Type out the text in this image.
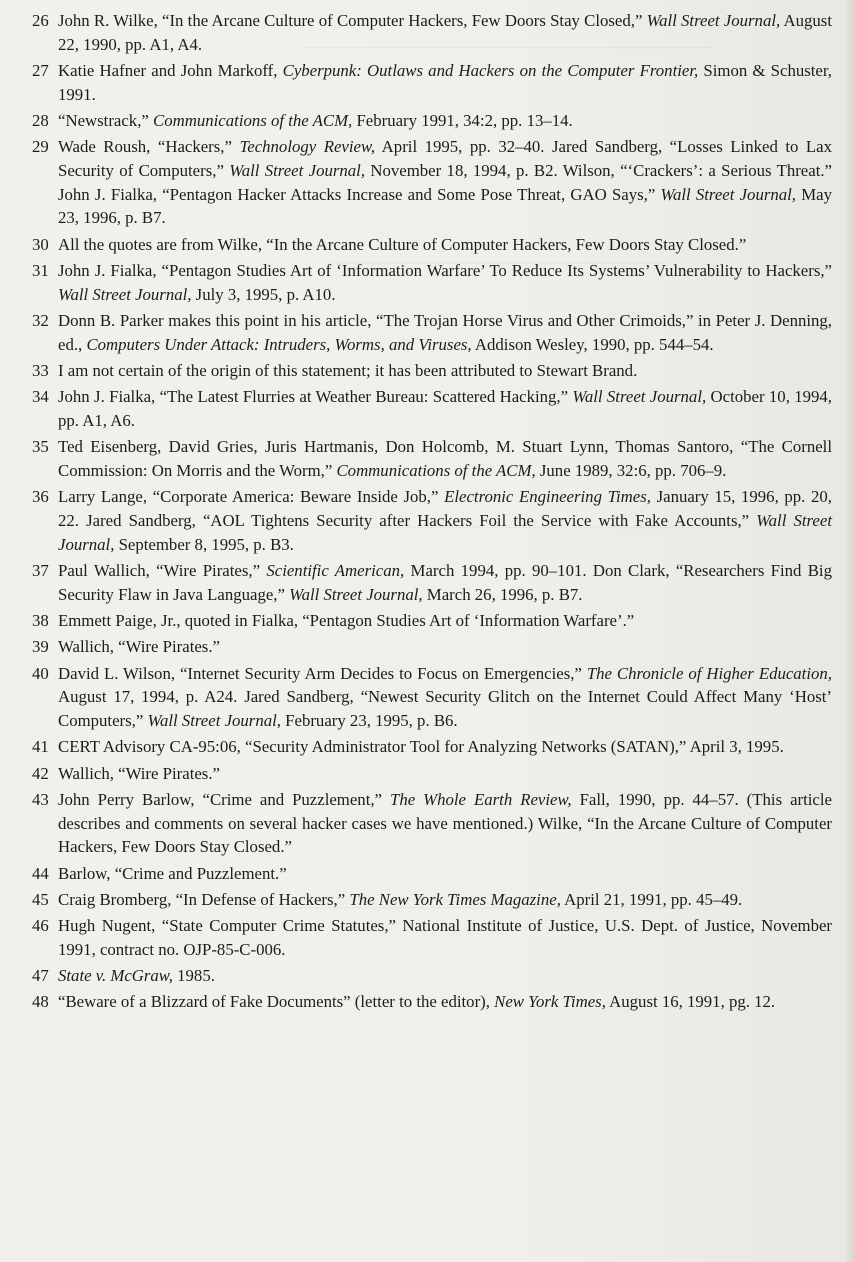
26 John R. Wilke, “In the Arcane Culture of Computer Hackers, Few Doors Stay Closed,” Wall Street Journal, August 22, 1990, pp. A1, A4.
27 Katie Hafner and John Markoff, Cyberpunk: Outlaws and Hackers on the Computer Frontier, Simon & Schuster, 1991.
28 “Newstrack,” Communications of the ACM, February 1991, 34:2, pp. 13–14.
29 Wade Roush, “Hackers,” Technology Review, April 1995, pp. 32–40. Jared Sandberg, “Losses Linked to Lax Security of Computers,” Wall Street Journal, November 18, 1994, p. B2. Wilson, “‘Crackers’: a Serious Threat.” John J. Fialka, “Pentagon Hacker Attacks Increase and Some Pose Threat, GAO Says,” Wall Street Journal, May 23, 1996, p. B7.
30 All the quotes are from Wilke, “In the Arcane Culture of Computer Hackers, Few Doors Stay Closed.”
31 John J. Fialka, “Pentagon Studies Art of ‘Information Warfare’ To Reduce Its Systems’ Vulnerability to Hackers,” Wall Street Journal, July 3, 1995, p. A10.
32 Donn B. Parker makes this point in his article, “The Trojan Horse Virus and Other Crimoids,” in Peter J. Denning, ed., Computers Under Attack: Intruders, Worms, and Viruses, Addison Wesley, 1990, pp. 544–54.
33 I am not certain of the origin of this statement; it has been attributed to Stewart Brand.
34 John J. Fialka, “The Latest Flurries at Weather Bureau: Scattered Hacking,” Wall Street Journal, October 10, 1994, pp. A1, A6.
35 Ted Eisenberg, David Gries, Juris Hartmanis, Don Holcomb, M. Stuart Lynn, Thomas Santoro, “The Cornell Commission: On Morris and the Worm,” Communications of the ACM, June 1989, 32:6, pp. 706–9.
36 Larry Lange, “Corporate America: Beware Inside Job,” Electronic Engineering Times, January 15, 1996, pp. 20, 22. Jared Sandberg, “AOL Tightens Security after Hackers Foil the Service with Fake Accounts,” Wall Street Journal, September 8, 1995, p. B3.
37 Paul Wallich, “Wire Pirates,” Scientific American, March 1994, pp. 90–101. Don Clark, “Researchers Find Big Security Flaw in Java Language,” Wall Street Journal, March 26, 1996, p. B7.
38 Emmett Paige, Jr., quoted in Fialka, “Pentagon Studies Art of ‘Information Warfare’.”
39 Wallich, “Wire Pirates.”
40 David L. Wilson, “Internet Security Arm Decides to Focus on Emergencies,” The Chronicle of Higher Education, August 17, 1994, p. A24. Jared Sandberg, “Newest Security Glitch on the Internet Could Affect Many ‘Host’ Computers,” Wall Street Journal, February 23, 1995, p. B6.
41 CERT Advisory CA-95:06, “Security Administrator Tool for Analyzing Networks (SATAN),” April 3, 1995.
42 Wallich, “Wire Pirates.”
43 John Perry Barlow, “Crime and Puzzlement,” The Whole Earth Review, Fall, 1990, pp. 44–57. (This article describes and comments on several hacker cases we have mentioned.) Wilke, “In the Arcane Culture of Computer Hackers, Few Doors Stay Closed.”
44 Barlow, “Crime and Puzzlement.”
45 Craig Bromberg, “In Defense of Hackers,” The New York Times Magazine, April 21, 1991, pp. 45–49.
46 Hugh Nugent, “State Computer Crime Statutes,” National Institute of Justice, U.S. Dept. of Justice, November 1991, contract no. OJP-85-C-006.
47 State v. McGraw, 1985.
48 “Beware of a Blizzard of Fake Documents” (letter to the editor), New York Times, August 16, 1991, pg. 12.
